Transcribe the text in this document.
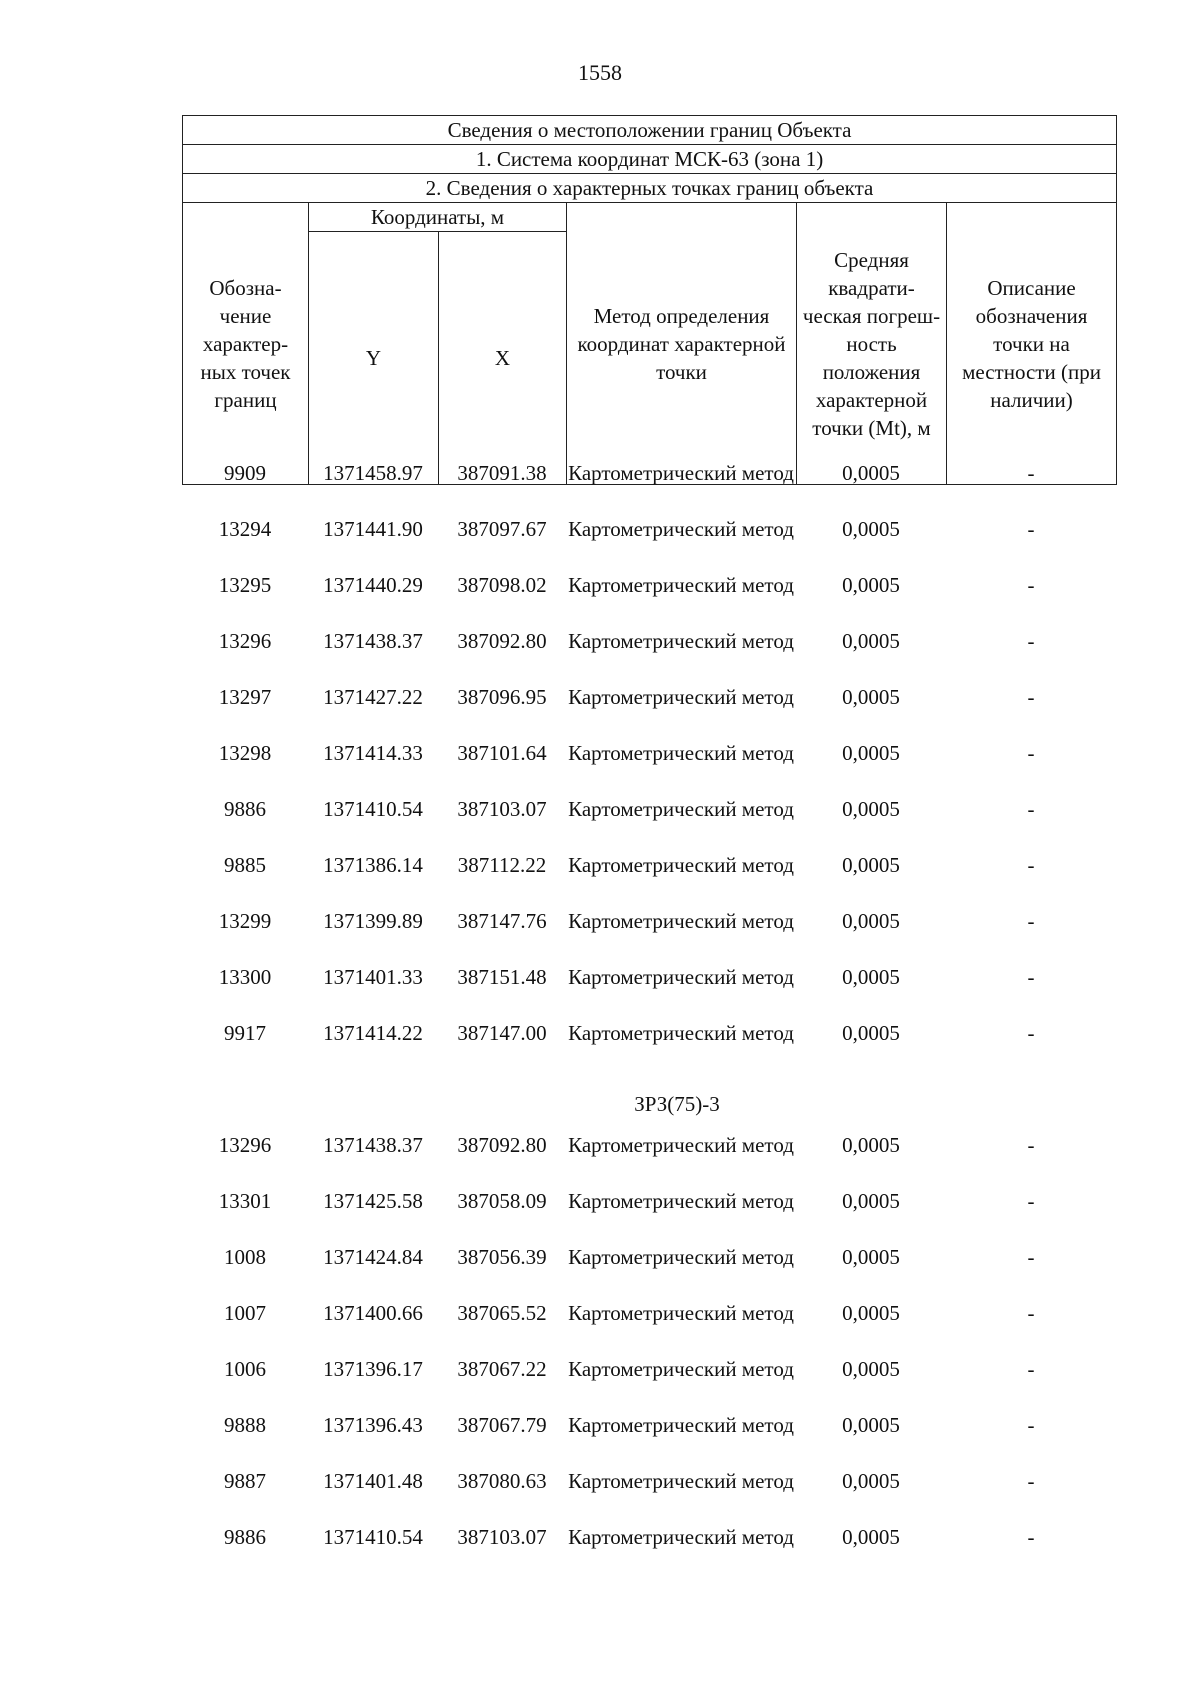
1558
Сведения о местоположении границ Объекта					
1. Система координат МСК-63 (зона 1)					
2. Сведения о характерных точках границ объекта					
Обозна-чение характер-ных точек границ	Координаты, м		Метод определения координат характерной точки	Средняя квадрати-ческая погреш-ность положения характерной точки (Mt), м	Описание обозначения точки на местности (при наличии)
	Y	X			
9909	1371458.97	387091.38	Картометрический метод	0,0005	-
13294	1371441.90	387097.67	Картометрический метод	0,0005	-
13295	1371440.29	387098.02	Картометрический метод	0,0005	-
13296	1371438.37	387092.80	Картометрический метод	0,0005	-
13297	1371427.22	387096.95	Картометрический метод	0,0005	-
13298	1371414.33	387101.64	Картометрический метод	0,0005	-
9886	1371410.54	387103.07	Картометрический метод	0,0005	-
9885	1371386.14	387112.22	Картометрический метод	0,0005	-
13299	1371399.89	387147.76	Картометрический метод	0,0005	-
13300	1371401.33	387151.48	Картометрический метод	0,0005	-
9917	1371414.22	387147.00	Картометрический метод	0,0005	-
ЗРЗ(75)-3
13296	1371438.37	387092.80	Картометрический метод	0,0005	-
13301	1371425.58	387058.09	Картометрический метод	0,0005	-
1008	1371424.84	387056.39	Картометрический метод	0,0005	-
1007	1371400.66	387065.52	Картометрический метод	0,0005	-
1006	1371396.17	387067.22	Картометрический метод	0,0005	-
9888	1371396.43	387067.79	Картометрический метод	0,0005	-
9887	1371401.48	387080.63	Картометрический метод	0,0005	-
9886	1371410.54	387103.07	Картометрический метод	0,0005	-
